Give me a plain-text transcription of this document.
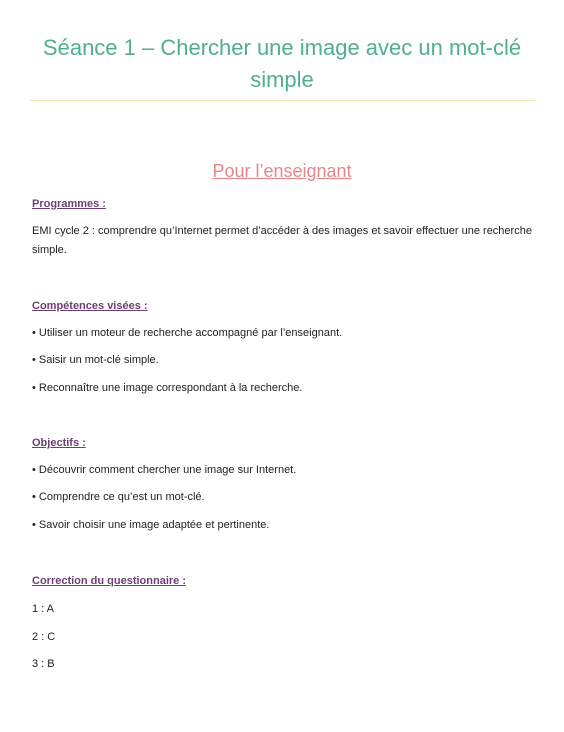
Séance 1 – Chercher une image avec un mot-clé simple
Pour l’enseignant
Programmes :
EMI cycle 2 : comprendre qu’Internet permet d’accéder à des images et savoir effectuer une recherche simple.
Compétences visées :
• Utiliser un moteur de recherche accompagné par l’enseignant.
• Saisir un mot-clé simple.
• Reconnaître une image correspondant à la recherche.
Objectifs :
• Découvrir comment chercher une image sur Internet.
• Comprendre ce qu’est un mot-clé.
• Savoir choisir une image adaptée et pertinente.
Correction du questionnaire :
1 : A
2 : C
3 : B
